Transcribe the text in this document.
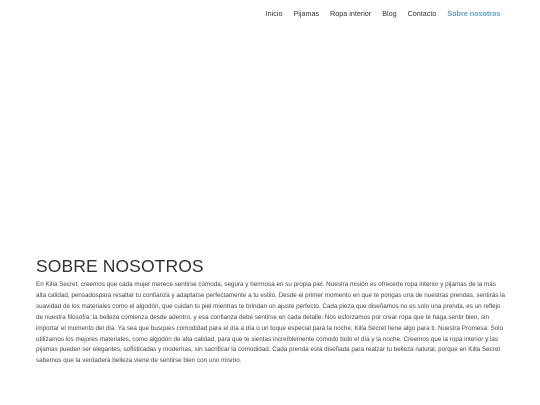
Inicio	Pijamas	Ropa interior	Blog	Contacto	Sobre nosotros
SOBRE NOSOTROS

En Killa Secret, creemos que cada mujer merece sentirse cómoda, segura y hermosa en su propia piel. Nuestra misión es ofrecerte ropa interior y pijamas de la más alta calidad, pensadospara resaltar tu confianza y adaptarse perfectamente a tu estilo. Desde el primer momento en que te pongas una de nuestras prendas, sentirás la suavidad de los materiales como el algodón, que cuidan tu piel mientras te brindan un ajuste perfecto. Cada pieza que diseñamos no es solo una prenda, es un reflejo de nuestra filosofía: la belleza comienza desde adentro, y esa confianza debe sentirse en cada detalle. Nos esforzamos por crear ropa que te haga sentir bien, sin importar el momento del día. Ya sea que busques comodidad para el día a día o un toque especial para la noche, Killa Secret tiene algo para ti. Nuestra Promesa: Solo utilizamos los mejores materiales, como algodón de alta calidad, para que te sientas increíblemente cómodo todo el día y la noche. Creemos que la ropa interior y las pijamas pueden ser elegantes, sofisticadas y modernas, sin sacrificar la comodidad. Cada prenda está diseñada para realzar tu belleza natural, porque en Killa Secret sabemos que la verdadera belleza viene de sentirse bien con uno mismo.
